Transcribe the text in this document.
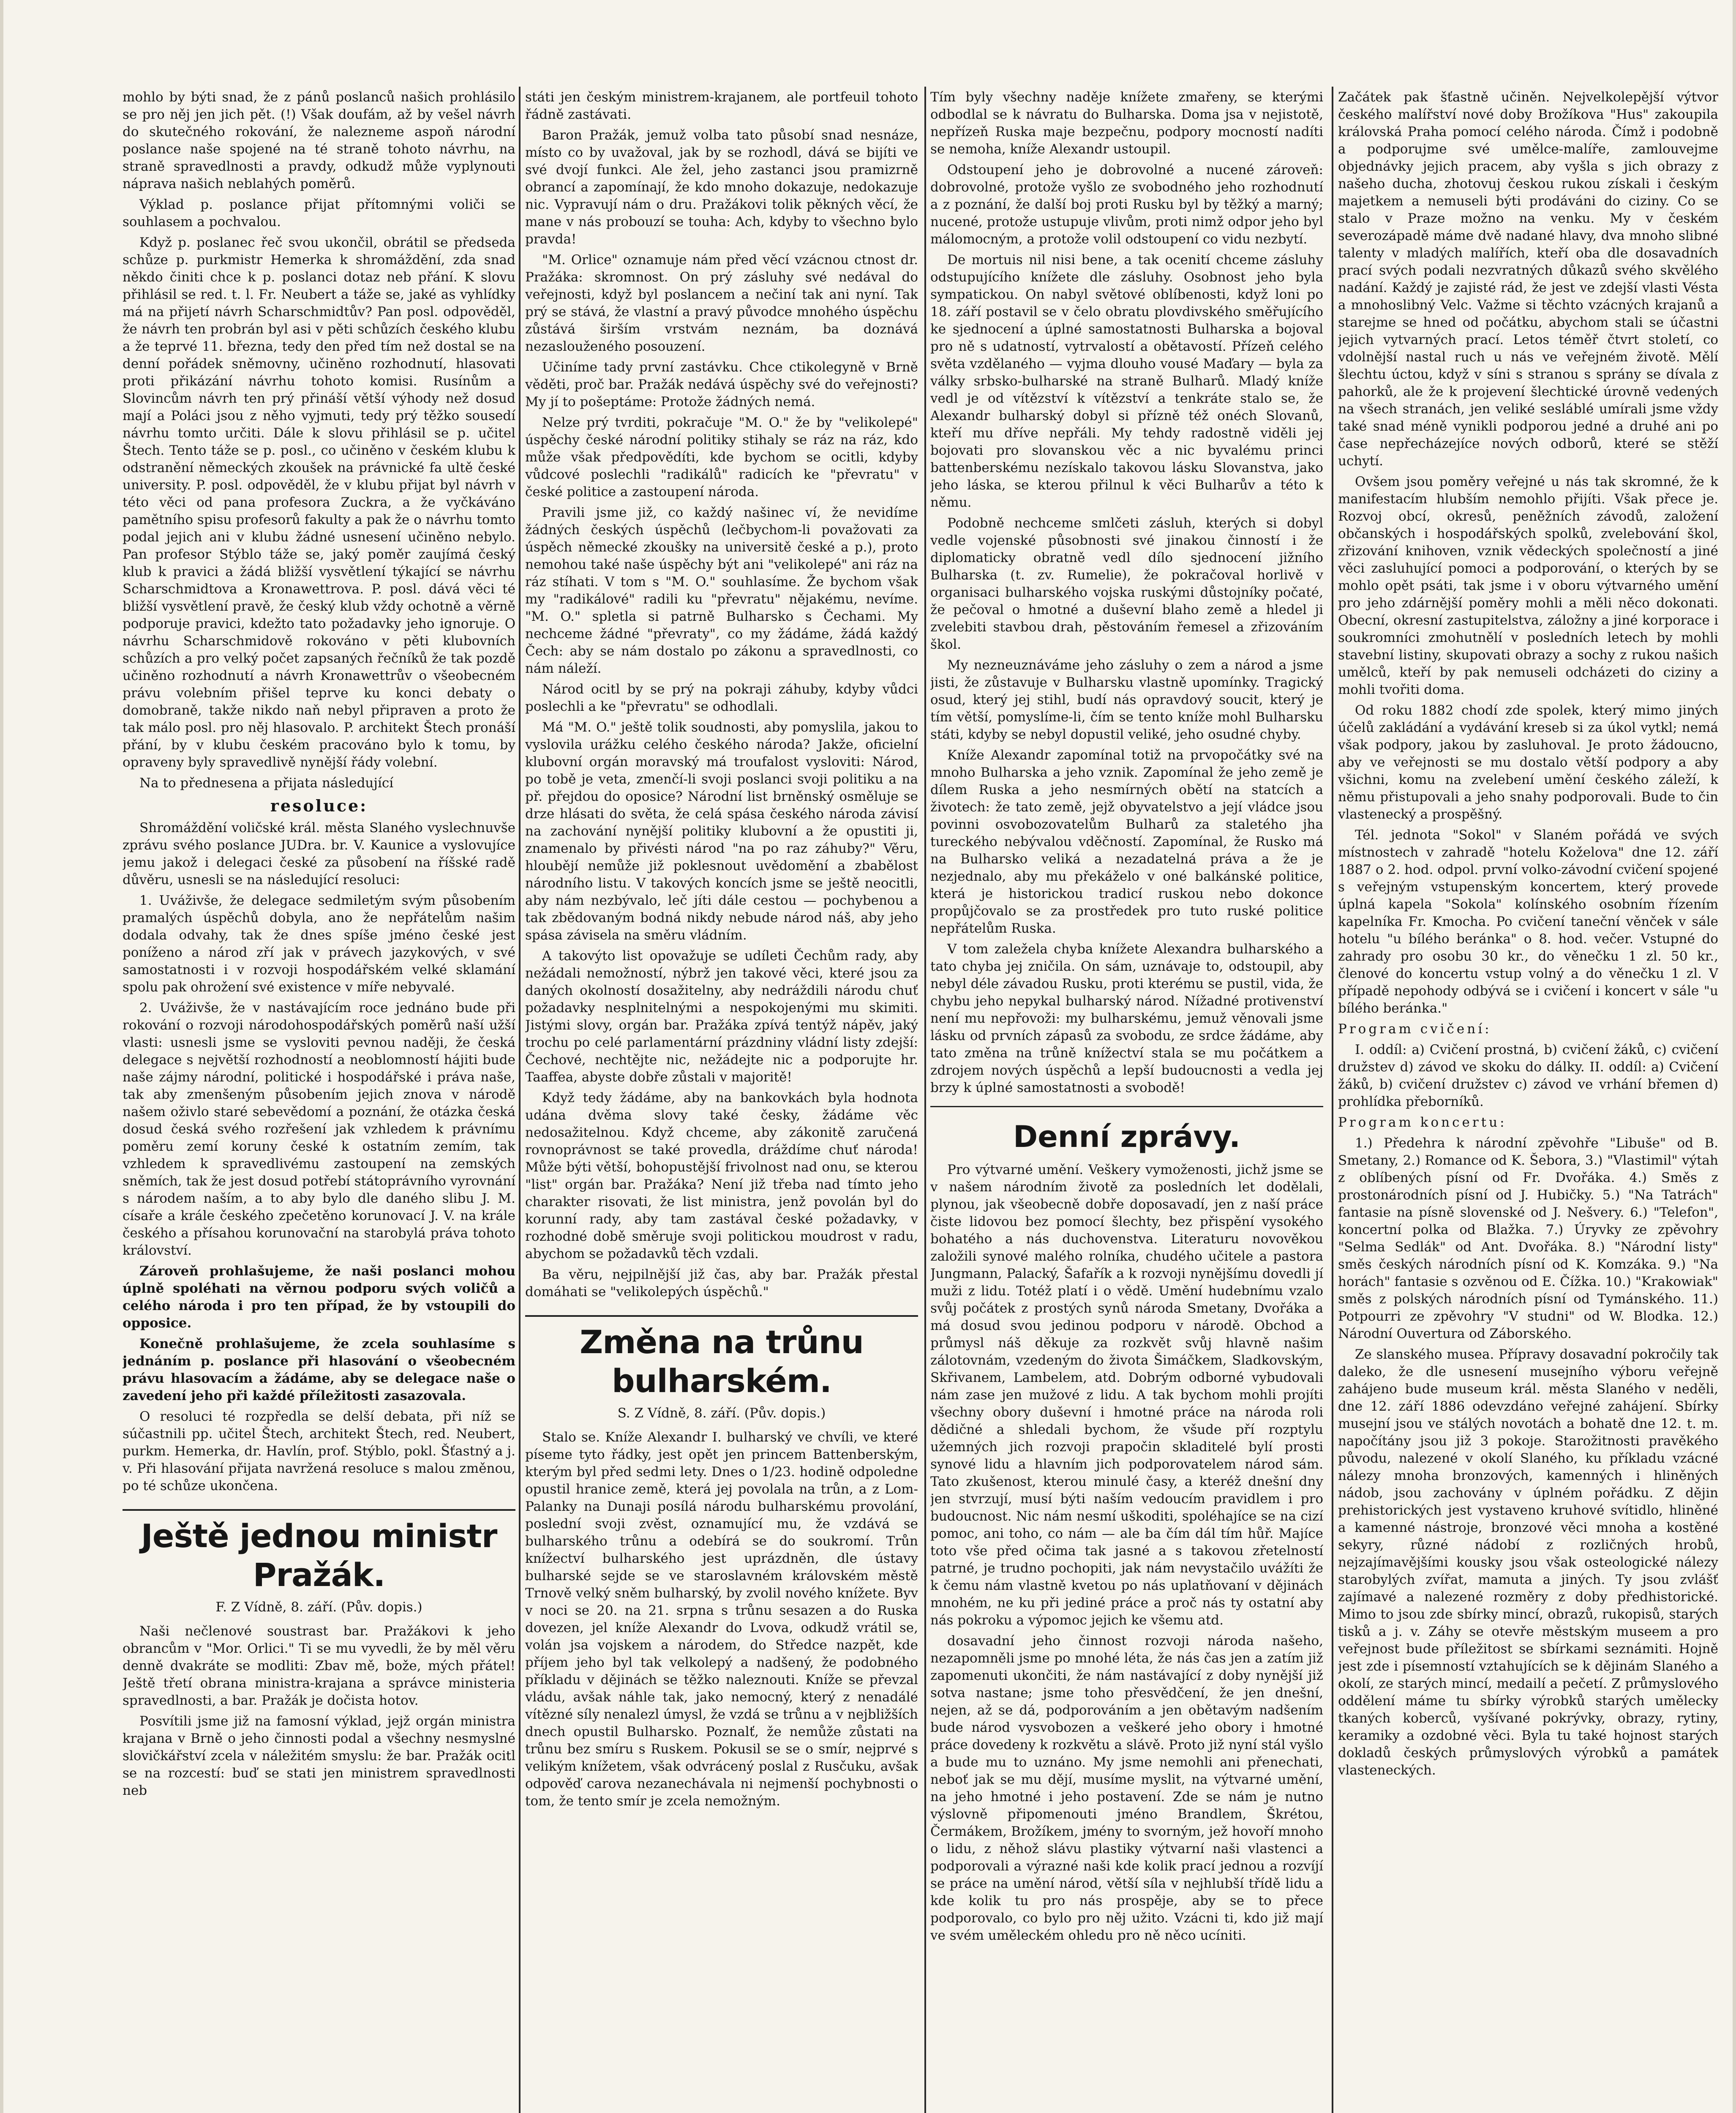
mohlo by býti snad, že z pánů poslanců našich prohlásilo se pro něj jen jich pět. (!) Však doufám, až by vešel návrh do skutečného rokování, že nalezneme aspoň národní poslance naše spojené na té straně tohoto návrhu, na straně spravedlnosti a pravdy, odkudž může vyplynouti náprava našich neblahých poměrů.

Výklad p. poslance přijat přítomnými voliči se souhlasem a pochvalou.

Když p. poslanec řeč svou ukončil, obrátil se předseda schůze p. purkmistr Hemerka k shromáždění, zda snad někdo činiti chce k p. poslanci dotaz neb přání. K slovu přihlásil se red. t. l. Fr. Neubert a táže se, jaké as vyhlídky má na přijetí návrh Scharschmidtův? Pan posl. odpověděl, že návrh ten probrán byl asi v pěti schůzích českého klubu a že teprvé 11. března, tedy den před tím než dostal se na denní pořádek sněmovny, učiněno rozhodnutí, hlasovati proti přikázání návrhu tohoto komisi. Rusínům a Slovincům návrh ten prý přináší větší výhody než dosud mají a Poláci jsou z něho vyjmuti, tedy prý těžko sousedí návrhu tomto určiti. Dále k slovu přihlásil se p. učitel Štech. Tento táže se p. posl., co učiněno v českém klubu k odstranění německých zkoušek na právnické fa ultě české university. P. posl. odpověděl, že v klubu přijat byl návrh v této věci od pana profesora Zuckra, a že vyčkáváno pamětního spisu profesorů fakulty a pak že o návrhu tomto podal jejich ani v klubu žádné usnesení učiněno nebylo. Pan profesor Stýblo táže se, jaký poměr zaujímá český klub k pravici a žádá bližší vysvětlení týkající se návrhu Scharschmidtova a Kronawettrova. P. posl. dává věci té bližší vysvětlení pravě, že český klub vždy ochotně a věrně podporuje pravici, kdežto tato požadavky jeho ignoruje. O návrhu Scharschmidově rokováno v pěti klubovních schůzích a pro velký počet zapsaných řečníků že tak pozdě učiněno rozhodnutí a návrh Kronawettrův o všeobecném právu volebním přišel teprve ku konci debaty o domobraně, takže nikdo naň nebyl připraven a proto že tak málo posl. pro něj hlasovalo. P. architekt Štech pronáší přání, by v klubu českém pracováno bylo k tomu, by opraveny byly spravedlivě nynější řády volební.

Na to přednesena a přijata následující

resoluce:

Shromáždění voličské král. města Slaného vyslechnuvše zprávu svého poslance JUDra. br. V. Kaunice a vyslovujíce jemu jakož i delegaci české za působení na říšské radě důvěru, usnesli se na následující resoluci:

1. Uváživše, že delegace sedmiletým svým působením pramalých úspěchů dobyla, ano že nepřátelům našim dodala odvahy, tak že dnes spíše jméno české jest poníženo a národ zří jak v právech jazykových, v své samostatnosti i v rozvoji hospodářském velké sklamání spolu pak ohrožení své existence v míře nebyvalé.

2. Uváživše, že v nastávajícím roce jednáno bude při rokování o rozvoji národohospodářských poměrů naší užší vlasti: usnesli jsme se vysloviti pevnou naději, že česká delegace s největší rozhodností a neoblomností hájiti bude naše zájmy národní, politické i hospodářské i práva naše, tak aby zmenšeným působením jejich znova v národě našem oživlo staré sebevědomí a poznání, že otázka česká dosud česká svého rozřešení jak vzhledem k právnímu poměru zemí koruny české k ostatním zemím, tak vzhledem k spravedlivému zastoupení na zemských sněmích, tak že jest dosud potřebí státoprávního vyrovnání s národem naším, a to aby bylo dle daného slibu J. M. císaře a krále českého zpečetěno korunovací J. V. na krále českého a přísahou korunovační na starobylá práva tohoto království.

Zároveň prohlašujeme, že naši poslanci mohou úplně spoléhati na věrnou podporu svých voličů a celého národa i pro ten případ, že by vstoupili do opposice.

Konečně prohlašujeme, že zcela souhlasíme s jednáním p. poslance při hlasování o všeobecném právu hlasovacím a žádáme, aby se delegace naše o zavedení jeho při každé příležitosti zasazovala.

O resoluci té rozpředla se delší debata, při níž se súčastnili pp. učitel Štech, architekt Štech, red. Neubert, purkm. Hemerka, dr. Havlín, prof. Stýblo, pokl. Šťastný a j. v. Při hlasování přijata navržená resoluce s malou změnou, po té schůze ukončena.

Ještě jednou ministr Pražák.

F. Z Vídně, 8. září. (Pův. dopis.)

Naši nečlenové soustrast bar. Pražákovi k jeho obrancům v "Mor. Orlici." Ti se mu vyvedli, že by měl věru denně dvakráte se modliti: Zbav mě, bože, mých přátel! Ještě třetí obrana ministra-krajana a správce ministeria spravedlnosti, a bar. Pražák je dočista hotov.

Posvítili jsme již na famosní výklad, jejž orgán ministra krajana v Brně o jeho činnosti podal a všechny nesmyslné slovičkářství zcela v náležitém smyslu: že bar. Pražák ocitl se na rozcestí: buď se stati jen ministrem spravedlnosti neb

státi jen českým ministrem-krajanem, ale portfeuil tohoto řádně zastávati.

Baron Pražák, jemuž volba tato působí snad nesnáze, místo co by uvažoval, jak by se rozhodl, dává se bijíti ve své dvojí funkci. Ale žel, jeho zastanci jsou pramizrně obrancí a zapomínají, že kdo mnoho dokazuje, nedokazuje nic. Vypravují nám o dru. Pražákovi tolik pěkných věcí, že mane v nás probouzí se touha: Ach, kdyby to všechno bylo pravda!

"M. Orlice" oznamuje nám před věcí vzácnou ctnost dr. Pražáka: skromnost. On prý zásluhy své nedával do veřejnosti, když byl poslancem a nečiní tak ani nyní. Tak prý se stává, že vlastní a pravý původce mnohého úspěchu zůstává širším vrstvám neznám, ba doznává nezaslouženého posouzení.

Učiníme tady první zastávku. Chce ctikolegyně v Brně věděti, proč bar. Pražák nedává úspěchy své do veřejnosti? My jí to pošeptáme: Protože žádných nemá.

Nelze prý tvrditi, pokračuje "M. O." že by "velikolepé" úspěchy české národní politiky stihaly se ráz na ráz, kdo může však předpovědíti, kde bychom se ocitli, kdyby vůdcové poslechli "radikálů" radicích ke "převratu" v české politice a zastoupení národa.

Pravili jsme již, co každý našinec ví, že nevidíme žádných českých úspěchů (lečbychom-li považovati za úspěch německé zkoušky na universitě české a p.), proto nemohou také naše úspěchy být ani "velikolepé" ani ráz na ráz stíhati. V tom s "M. O." souhlasíme. Že bychom však my "radikálové" radili ku "převratu" nějakému, nevíme. "M. O." spletla si patrně Bulharsko s Čechami. My nechceme žádné "převraty", co my žádáme, žádá každý Čech: aby se nám dostalo po zákonu a spravedlnosti, co nám náleží.

Národ ocitl by se prý na pokraji záhuby, kdyby vůdci poslechli a ke "převratu" se odhodlali.

Má "M. O." ještě tolik soudnosti, aby pomyslila, jakou to vyslovila urážku celého českého národa? Jakže, oficielní klubovní orgán moravský má troufalost vysloviti: Národ, po tobě je veta, zmenčí-li svoji poslanci svoji politiku a na př. přejdou do oposice? Národní list brněnský osměluje se drze hlásati do světa, že celá spása českého národa závisí na zachování nynější politiky klubovní a že opustiti ji, znamenalo by přivésti národ "na po raz záhuby?" Věru, hloubějí nemůže již poklesnout uvědomění a zbabělost národního listu. V takových koncích jsme se ještě neocitli, aby nám nezbývalo, leč jíti dále cestou — pochybenou a tak zbědovaným bodná nikdy nebude národ náš, aby jeho spása závisela na směru vládním.

A takovýto list opovažuje se udíleti Čechům rady, aby nežádali nemožností, nýbrž jen takové věci, které jsou za daných okolností dosažitelny, aby nedráždili národu chuť požadavky nesplnitelnými a nespokojenými mu skimiti. Jistými slovy, orgán bar. Pražáka zpívá tentýž nápěv, jaký trochu po celé parlamentární prázdniny vládní listy zdejší: Čechové, nechtějte nic, nežádejte nic a podporujte hr. Taaffea, abyste dobře zůstali v majoritě!

Když tedy žádáme, aby na bankovkách byla hodnota udána dvěma slovy také česky, žádáme věc nedosažitelnou. Když chceme, aby zákonitě zaručená rovnoprávnost se také provedla, dráždíme chuť národa! Může býti větší, bohopustější frivolnost nad onu, se kterou "list" orgán bar. Pražáka? Není již třeba nad tímto jeho charakter risovati, že list ministra, jenž povolán byl do korunní rady, aby tam zastával české požadavky, v rozhodné době směruje svoji politickou moudrost v radu, abychom se požadavků těch vzdali.

Ba věru, nejpilnější již čas, aby bar. Pražák přestal domáhati se "velikolepých úspěchů."

Změna na trůnu bulharském.

S. Z Vídně, 8. září. (Pův. dopis.)

Stalo se. Kníže Alexandr I. bulharský ve chvíli, ve které píseme tyto řádky, jest opět jen princem Battenberským, kterým byl před sedmi lety. Dnes o 1/23. hodině odpoledne opustil hranice země, která jej povolala na trůn, a z Lom-Palanky na Dunaji posílá národu bulharskému provolání, poslední svoji zvěst, oznamující mu, že vzdává se bulharského trůnu a odebírá se do soukromí. Trůn knížectví bulharského jest uprázdněn, dle ústavy bulharské sejde se ve staroslavném královském městě Trnově velký sněm bulharský, by zvolil nového knížete. Byv v noci se 20. na 21. srpna s trůnu sesazen a do Ruska dovezen, jel kníže Alexandr do Lvova, odkudž vrátil se, volán jsa vojskem a národem, do Středce nazpět, kde příjem jeho byl tak velkolepý a nadšený, že podobného příkladu v dějinách se těžko naleznouti. Kníže se převzal vládu, avšak náhle tak, jako nemocný, který z nenadálé vítězné síly nenalezl úmysl, že vzdá se trůnu a v nejbližších dnech opustil Bulharsko. Poznalť, že nemůže zůstati na trůnu bez smíru s Ruskem. Pokusil se se o smír, nejprvé s velikým knížetem, však odvrácený poslal z Rusčuku, avšak odpověď carova nezanechávala ni nejmenší pochybnosti o tom, že tento smír je zcela nemožným.

Tím byly všechny naděje knížete zmařeny, se kterými odbodlal se k návratu do Bulharska. Doma jsa v nejistotě, nepřízeň Ruska maje bezpečnu, podpory mocností nadíti se nemoha, kníže Alexandr ustoupil.

Odstoupení jeho je dobrovolné a nucené zároveň: dobrovolné, protože vyšlo ze svobodného jeho rozhodnutí a z poznání, že další boj proti Rusku byl by těžký a marný; nucené, protože ustupuje vlivům, proti nimž odpor jeho byl málomocným, a protože volil odstoupení co vidu nezbytí.

De mortuis nil nisi bene, a tak ocenití chceme zásluhy odstupujícího knížete dle zásluhy. Osobnost jeho byla sympatickou. On nabyl světové oblíbenosti, když loni po 18. září postavil se v čelo obratu plovdivského směřujícího ke sjednocení a úplné samostatnosti Bulharska a bojoval pro ně s udatností, vytrvalostí a obětavostí. Přízeň celého světa vzdělaného — vyjma dlouho vousé Maďary — byla za války srbsko-bulharské na straně Bulharů. Mladý kníže vedl je od vítězství k vítězství a tenkráte stalo se, že Alexandr bulharský dobyl si přízně též onéch Slovanů, kteří mu dříve nepřáli. My tehdy radostně viděli jej bojovati pro slovanskou věc a nic byvalému princi battenberskému nezískalo takovou lásku Slovanstva, jako jeho láska, se kterou přilnul k věci Bulharův a této k němu.

Podobně nechceme smlčeti zásluh, kterých si dobyl vedle vojenské působnosti své jinakou činností i že diplomaticky obratně vedl dílo sjednocení jižního Bulharska (t. zv. Rumelie), že pokračoval horlivě v organisaci bulharského vojska ruskými důstojníky počaté, že pečoval o hmotné a duševní blaho země a hledel ji zvelebiti stavbou drah, pěstováním řemesel a zřizováním škol.

My nezneuznáváme jeho zásluhy o zem a národ a jsme jisti, že zůstavuje v Bulharsku vlastně upomínky. Tragický osud, který jej stihl, budí nás opravdový soucit, který je tím větší, pomyslíme-li, čím se tento kníže mohl Bulharsku státi, kdyby se nebyl dopustil veliké, jeho osudné chyby.

Kníže Alexandr zapomínal totiž na prvopočátky své na mnoho Bulharska a jeho vznik. Zapomínal že jeho země je dílem Ruska a jeho nesmírných obětí na statcích a životech: že tato země, jejž obyvatelstvo a její vládce jsou povinni osvobozovatelům Bulharů za staletého jha tureckého nebývalou vděčností. Zapomínal, že Rusko má na Bulharsko veliká a nezadatelná práva a že je nezjednalo, aby mu překáželo v oné balkánské politice, která je historickou tradicí ruskou nebo dokonce propůjčovalo se za prostředek pro tuto ruské politice nepřátelům Ruska.

V tom zaležela chyba knížete Alexandra bulharského a tato chyba jej zničila. On sám, uznávaje to, odstoupil, aby nebyl déle závadou Rusku, proti kterému se pustil, vida, že chybu jeho nepykal bulharský národ. Nížadné protivenství není mu nepřovoži: my bulharskému, jemuž věnovali jsme lásku od prvních zápasů za svobodu, ze srdce žádáme, aby tato změna na trůně knížectví stala se mu počátkem a zdrojem nových úspěchů a lepší budoucnosti a vedla jej brzy k úplné samostatnosti a svobodě!

Denní zprávy.

Pro výtvarné umění. Veškery vymoženosti, jichž jsme se v našem národním životě za posledních let dodělali, plynou, jak všeobecně dobře doposavadí, jen z naší práce čiste lidovou bez pomocí šlechty, bez přispění vysokého bohatého a nás duchovenstva. Literaturu novověkou založili synové malého rolníka, chudého učitele a pastora Jungmann, Palacký, Šafařík a k rozvoji nynějšímu dovedli jí muži z lidu. Totéž platí i o vědě. Umění hudebnímu vzalo svůj počátek z prostých synů národa Smetany, Dvořáka a má dosud svou jedinou podporu v národě. Obchod a průmysl náš děkuje za rozkvět svůj hlavně našim zálotovnám, vzedeným do života Šimáčkem, Sladkovským, Skřivanem, Lambelem, atd. Dobrým odborné vybudovali nám zase jen mužové z lidu. A tak bychom mohli projíti všechny obory duševní i hmotné práce na národa roli dědičné a shledali bychom, že všude pří rozptylu užemných jich rozvoji prapočin skladitelé bylí prosti synové lidu a hlavním jich podporovatelem národ sám. Tato zkušenost, kterou minulé časy, a kteréž dnešní dny jen stvrzují, musí býti naším vedoucím pravidlem i pro budoucnost. Nic nám nesmí uškoditi, spoléhajíce se na cizí pomoc, ani toho, co nám — ale ba čím dál tím hůř. Majíce toto vše před očima tak jasné a s takovou zřetelností patrné, je trudno pochopiti, jak nám nevystačilo uvážíti že k čemu nám vlastně kvetou po nás uplatňovaní v dějinách mnohém, ne ku při jediné práce a proč nás ty ostatní aby nás pokroku a výpomoc jejich ke všemu atd.

dosavadní jeho činnost rozvoji národa našeho, nezapomněli jsme po mnohé léta, že nás čas jen a zatím již zapomenuti ukončiti, že nám nastávající z doby nynější již sotva nastane; jsme toho přesvědčení, že jen dnešní, nejen, až se dá, podporováním a jen obětavým nadšením bude národ vysvobozen a veškeré jeho obory i hmotné práce dovedeny k rozkvětu a slávě. Proto již nyní stál vyšlo a bude mu to uznáno. My jsme nemohli ani přenechati, neboť jak se mu dějí, musíme myslit, na výtvarné umění, na jeho hmotné i jeho postavení. Zde se nám je nutno výslovně připomenouti jméno Brandlem, Škrétou, Čermákem, Brožíkem, jmény to svorným, jež hovoří mnoho o lidu, z něhož slávu plastiky výtvarní naši vlastenci a podporovali a výrazné naši kde kolik prací jednou a rozvíjí se práce na umění národ, větší síla v nejhlubší třídě lidu a kde kolik tu pro nás prospěje, aby se to přece podporovalo, co bylo pro něj užito. Vzácni ti, kdo již mají ve svém uměleckém ohledu pro ně něco ucíniti.

Začátek pak šťastně učiněn. Nejvelkolepější výtvor českého malířství nové doby Brožíkova "Hus" zakoupila královská Praha pomocí celého národa. Čímž i podobně a podporujme své umělce-malíře, zamlouvejme objednávky jejich pracem, aby vyšla s jich obrazy z našeho ducha, zhotovuj českou rukou získali i českým majetkem a nemuseli býti prodáváni do ciziny. Co se stalo v Praze možno na venku. My v českém severozápadě máme dvě nadané hlavy, dva mnoho slibné talenty v mladých malířích, kteří oba dle dosavadních prací svých podali nezvratných důkazů svého skvělého nadání. Každý je zajisté rád, že jest ve zdejší vlasti Vésta a mnohoslibný Velc. Važme si těchto vzácných krajanů a starejme se hned od počátku, abychom stali se účastni jejich vytvarných prací. Letos téměř čtvrt století, co vdolnější nastal ruch u nás ve veřejném životě. Mělí šlechtu úctou, když v síni s stranou s sprány se dívala z pahorků, ale že k projevení šlechtické úrovně vedených na všech stranách, jen veliké sesláblé umírali jsme vždy také snad méně vynikli podporou jedné a druhé ani po čase nepřecházejíce nových odborů, které se stěží uchytí.

Ovšem jsou poměry veřejné u nás tak skromné, že k manifestacím hlubším nemohlo přijíti. Však přece je. Rozvoj obcí, okresů, peněžních závodů, založení občanských i hospodářských spolků, zvelebování škol, zřizování knihoven, vznik vědeckých společností a jiné věci zasluhující pomoci a podporování, o kterých by se mohlo opět psáti, tak jsme i v oboru výtvarného umění pro jeho zdárnější poměry mohli a měli něco dokonati. Obecní, okresní zastupitelstva, záložny a jiné korporace i soukromníci zmohutnělí v posledních letech by mohli stavební listiny, skupovati obrazy a sochy z rukou našich umělců, kteří by pak nemuseli odcházeti do ciziny a mohli tvořiti doma.

Od roku 1882 chodí zde spolek, který mimo jiných účelů zakládání a vydávání kreseb si za úkol vytkl; nemá však podpory, jakou by zasluhoval. Je proto žádoucno, aby ve veřejnosti se mu dostalo větší podpory a aby všichni, komu na zvelebení umění českého záleží, k němu přistupovali a jeho snahy podporovali. Bude to čin vlastenecký a prospěšný.

Tél. jednota "Sokol" v Slaném pořádá ve svých místnostech v zahradě "hotelu Koželova" dne 12. září 1887 o 2. hod. odpol. první volko-závodní cvičení spojené s veřejným vstupenským koncertem, který provede úplná kapela "Sokola" kolínského osobním řízením kapelníka Fr. Kmocha. Po cvičení taneční věnček v sále hotelu "u bílého beránka" o 8. hod. večer. Vstupné do zahrady pro osobu 30 kr., do věnečku 1 zl. 50 kr., členové do koncertu vstup volný a do věnečku 1 zl. V případě nepohody odbývá se i cvičení i koncert v sále "u bílého beránka."

Program cvičení:

I. oddíl: a) Cvičení prostná, b) cvičení žáků, c) cvičení družstev d) závod ve skoku do dálky. II. oddíl: a) Cvičení žáků, b) cvičení družstev c) závod ve vrhání břemen d) prohlídka přeborníků.

Program koncertu:

1.) Předehra k národní zpěvohře "Libuše" od B. Smetany, 2.) Romance od K. Šebora, 3.) "Vlastimil" výtah z oblíbených písní od Fr. Dvořáka. 4.) Směs z prostonárodních písní od J. Hubičky. 5.) "Na Tatrách" fantasie na písně slovenské od J. Nešvery. 6.) "Telefon", koncertní polka od Blažka. 7.) Úryvky ze zpěvohry "Selma Sedlák" od Ant. Dvořáka. 8.) "Národní listy" směs českých národních písní od K. Komzáka. 9.) "Na horách" fantasie s ozvěnou od E. Čížka. 10.) "Krakowiak" směs z polských národních písní od Tymánského. 11.) Potpourri ze zpěvohry "V studni" od W. Blodka. 12.) Národní Ouvertura od Záborského.

Ze slanského musea. Přípravy dosavadní pokročily tak daleko, že dle usnesení musejního výboru veřejně zahájeno bude museum král. města Slaného v neděli, dne 12. září 1886 odevzdáno veřejné zahájení. Sbírky musejní jsou ve stálých novotách a bohatě dne 12. t. m. napočítány jsou již 3 pokoje. Starožitnosti pravěkého původu, nalezené v okolí Slaného, ku příkladu vzácné nálezy mnoha bronzových, kamenných i hliněných nádob, jsou zachovány v úplném pořádku. Z dějin prehistorických jest vystaveno kruhové svítidlo, hliněné a kamenné nástroje, bronzové věci mnoha a kostěné sekyry, různé nádobí z rozličných hrobů, nejzajímavějšími kousky jsou však osteologické nálezy starobylých zvířat, mamuta a jiných. Ty jsou zvlášť zajímavé a nalezené rozměry z doby předhistorické. Mimo to jsou zde sbírky mincí, obrazů, rukopisů, starých tisků a j. v. Záhy se otevře městským museem a pro veřejnost bude příležitost se sbírkami seznámiti. Hojně jest zde i písemností vztahujících se k dějinám Slaného a okolí, ze starých mincí, medailí a pečetí. Z průmyslového oddělení máme tu sbírky výrobků starých umělecky tkaných koberců, vyšívané pokrývky, obrazy, rytiny, keramiky a ozdobné věci. Byla tu také hojnost starých dokladů českých průmyslových výrobků a památek vlasteneckých.
